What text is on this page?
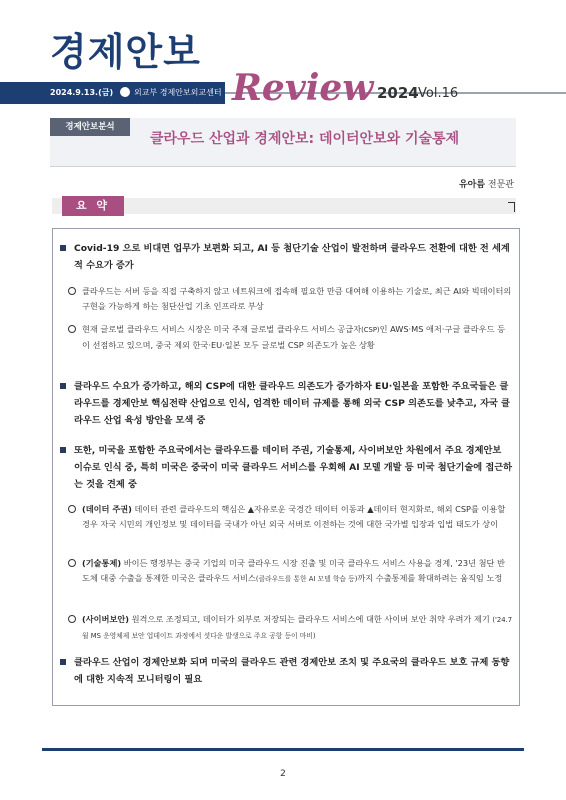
경제안보
2024.9.13.(금)	외교부 경제안보외교센터 Review 2024 Vol.16
경제안보분석
클라우드 산업과 경제안보: 데이터안보와 기술통제
유아름 전문관
요 약
Covid-19 으로 비대면 업무가 보편화 되고, AI 등 첨단기술 산업이 발전하며 클라우드 전환에 대한 전 세계적 수요가 증가
클라우드는 서버 등을 직접 구축하지 않고 네트워크에 접속해 필요한 만큼 대여해 이용하는 기술로, 최근 AI와 빅데이터의 구현을 가능하게 하는 첨단산업 기초 인프라로 부상
현재 글로벌 클라우드 서비스 시장은 미국 주재 글로벌 클라우드 서비스 공급자(CSP)인 AWS·MS 애저·구글 클라우드 등이 선점하고 있으며, 중국 제외 한국·EU·일본 모두 글로벌 CSP 의존도가 높은 상황
클라우드 수요가 증가하고, 해외 CSP에 대한 클라우드 의존도가 증가하자 EU·일본을 포함한 주요국들은 클라우드를 경제안보 핵심전략 산업으로 인식, 엄격한 데이터 규제를 통해 외국 CSP 의존도를 낮추고, 자국 클라우드 산업 육성 방안을 모색 중
또한, 미국을 포함한 주요국에서는 클라우드를 데이터 주권, 기술통제, 사이버보안 차원에서 주요 경제안보 이슈로 인식 중, 특히 미국은 중국이 미국 클라우드 서비스를 우회해 AI 모델 개발 등 미국 첨단기술에 접근하는 것을 견제 중
(데이터 주권) 데이터 관련 클라우드의 핵심은 ▲자유로운 국경간 데이터 이동과 ▲데이터 현지화로, 해외 CSP를 이용할 경우 자국 시민의 개인정보 및 데이터를 국내가 아닌 외국 서버로 이전하는 것에 대한 국가별 입장과 입법 태도가 상이
(기술통제) 바이든 행정부는 중국 기업의 미국 클라우드 시장 진출 및 미국 클라우드 서비스 사용을 경계, '23년 첨단 반도체 대중 수출을 통제한 미국은 클라우드 서비스(클라우드를 통한 AI 모델 학습 등)까지 수출통제를 확대하려는 움직임 노정
(사이버보안) 원격으로 조정되고, 데이터가 외부로 저장되는 클라우드 서비스에 대한 사이버 보안 취약 우려가 제기 ('24.7월 MS 운영체제 보안 업데이트 과정에서 셧다운 발생으로 주요 공항 등이 마비)
클라우드 산업이 경제안보화 되며 미국의 클라우드 관련 경제안보 조치 및 주요국의 클라우드 보호 규제 동향에 대한 지속적 모니터링이 필요
2
